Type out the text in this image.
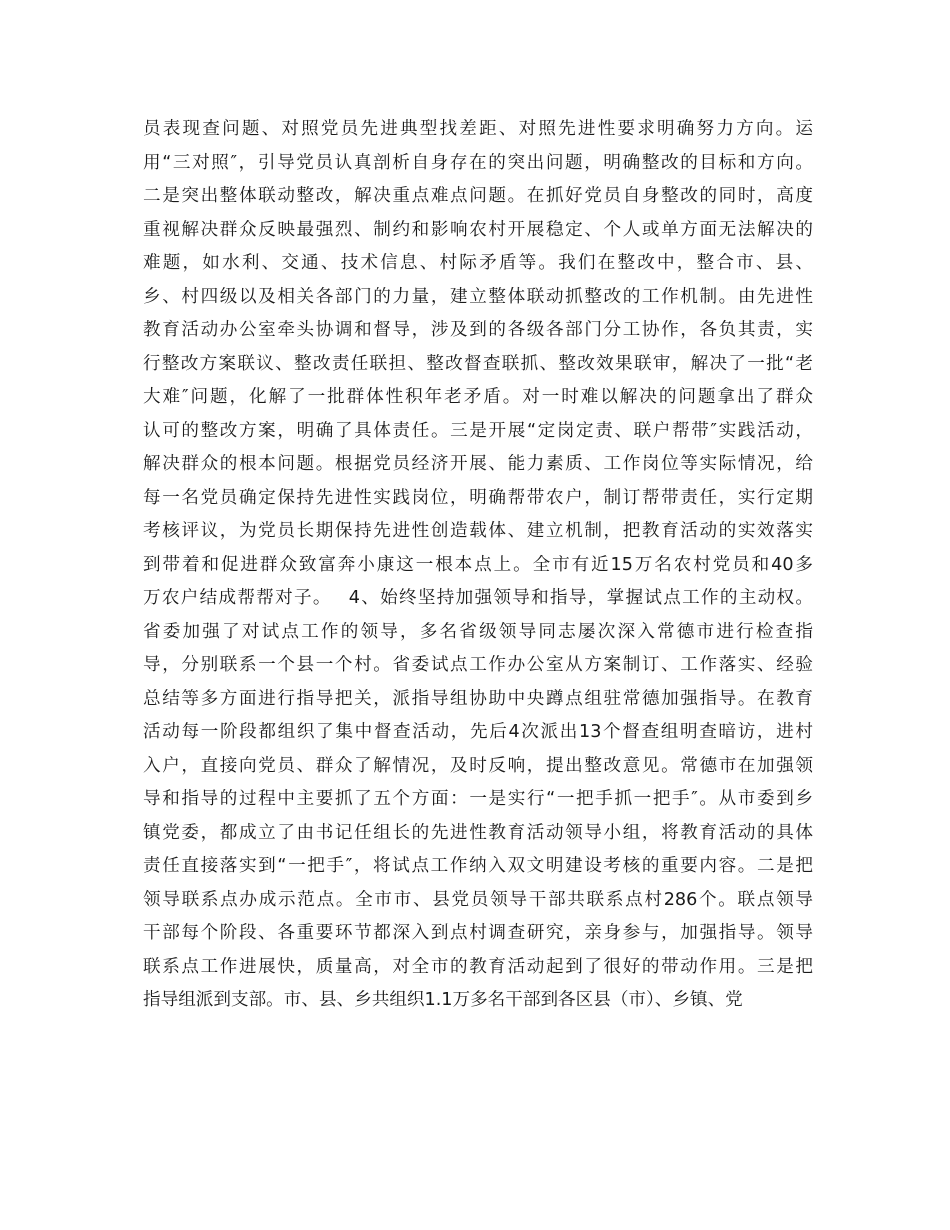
员表现查问题、对照党员先进典型找差距、对照先进性要求明确努力方向。运
用“三对照″，引导党员认真剖析自身存在的突出问题，明确整改的目标和方向。
二是突出整体联动整改，解决重点难点问题。在抓好党员自身整改的同时，高度
重视解决群众反映最强烈、制约和影响农村开展稳定、个人或单方面无法解决的
难题，如水利、交通、技术信息、村际矛盾等。我们在整改中，整合市、县、
乡、村四级以及相关各部门的力量，建立整体联动抓整改的工作机制。由先进性
教育活动办公室牵头协调和督导，涉及到的各级各部门分工协作，各负其责，实
行整改方案联议、整改责任联担、整改督查联抓、整改效果联审，解决了一批“老
大难″问题，化解了一批群体性积年老矛盾。对一时难以解决的问题拿出了群众
认可的整改方案，明确了具体责任。三是开展“定岗定责、联户帮带″实践活动，
解决群众的根本问题。根据党员经济开展、能力素质、工作岗位等实际情况，给
每一名党员确定保持先进性实践岗位，明确帮带农户，制订帮带责任，实行定期
考核评议，为党员长期保持先进性创造载体、建立机制，把教育活动的实效落实
到带着和促进群众致富奔小康这一根本点上。全市有近15万名农村党员和40多
万农户结成帮帮对子。　 4、始终坚持加强领导和指导，掌握试点工作的主动权。
省委加强了对试点工作的领导，多名省级领导同志屡次深入常德市进行检查指
导，分别联系一个县一个村。省委试点工作办公室从方案制订、工作落实、经验
总结等多方面进行指导把关，派指导组协助中央蹲点组驻常德加强指导。在教育
活动每一阶段都组织了集中督查活动，先后4次派出13个督查组明查暗访，进村
入户，直接向党员、群众了解情况，及时反响，提出整改意见。常德市在加强领
导和指导的过程中主要抓了五个方面：一是实行“一把手抓一把手″。从市委到乡
镇党委，都成立了由书记任组长的先进性教育活动领导小组，将教育活动的具体
责任直接落实到“一把手″，将试点工作纳入双文明建设考核的重要内容。二是把
领导联系点办成示范点。全市市、县党员领导干部共联系点村286个。联点领导
干部每个阶段、各重要环节都深入到点村调查研究，亲身参与，加强指导。领导
联系点工作进展快，质量高，对全市的教育活动起到了很好的带动作用。三是把
指导组派到支部。市、县、乡共组织1.1万多名干部到各区县（市）、乡镇、党
